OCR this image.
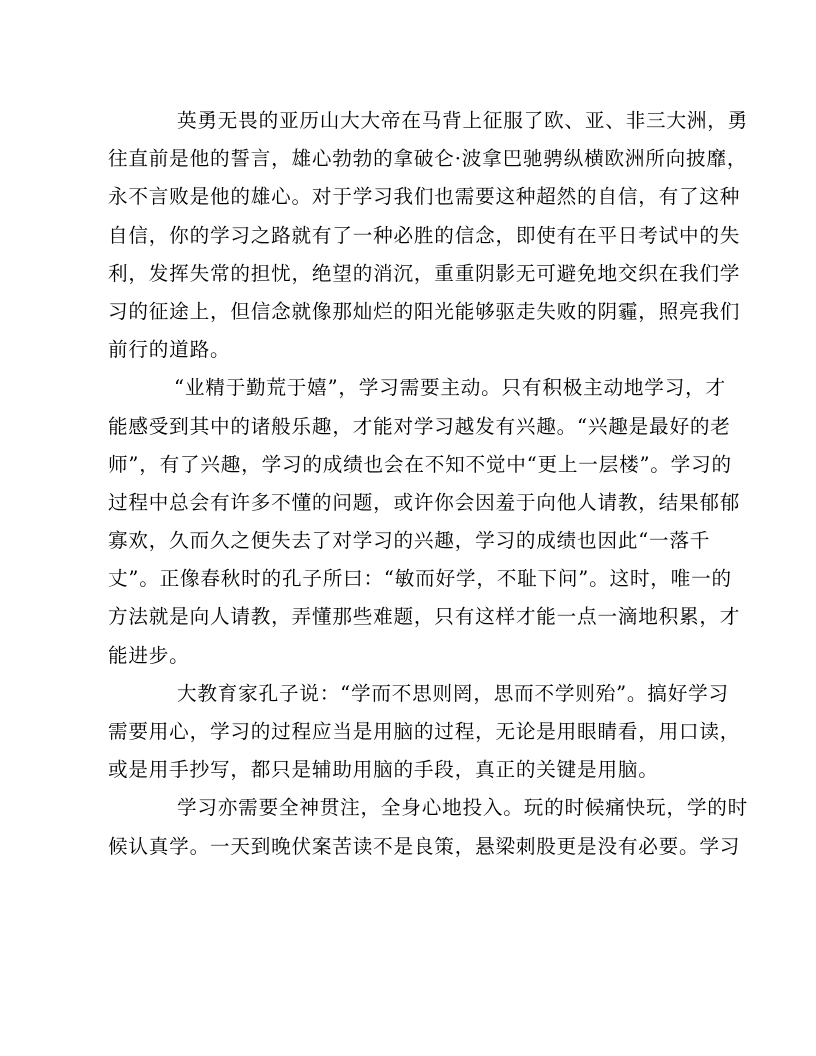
英勇无畏的亚历山大大帝在马背上征服了欧、亚、非三大洲，勇
往直前是他的誓言，雄心勃勃的拿破仑·波拿巴驰骋纵横欧洲所向披靡，
永不言败是他的雄心。对于学习我们也需要这种超然的自信，有了这种
自信，你的学习之路就有了一种必胜的信念，即使有在平日考试中的失
利，发挥失常的担忧，绝望的消沉，重重阴影无可避免地交织在我们学
习的征途上，但信念就像那灿烂的阳光能够驱走失败的阴霾，照亮我们
前行的道路。

“业精于勤荒于嬉”，学习需要主动。只有积极主动地学习，才
能感受到其中的诸般乐趣，才能对学习越发有兴趣。“兴趣是最好的老
师”，有了兴趣，学习的成绩也会在不知不觉中“更上一层楼”。学习的
过程中总会有许多不懂的问题，或许你会因羞于向他人请教，结果郁郁
寡欢，久而久之便失去了对学习的兴趣，学习的成绩也因此“一落千
丈”。正像春秋时的孔子所曰：“敏而好学，不耻下问”。这时，唯一的
方法就是向人请教，弄懂那些难题，只有这样才能一点一滴地积累，才
能进步。

大教育家孔子说：“学而不思则罔，思而不学则殆”。搞好学习
需要用心，学习的过程应当是用脑的过程，无论是用眼睛看，用口读，
或是用手抄写，都只是辅助用脑的手段，真正的关键是用脑。

学习亦需要全神贯注，全身心地投入。玩的时候痛快玩，学的时
候认真学。一天到晚伏案苦读不是良策，悬梁刺股更是没有必要。学习
